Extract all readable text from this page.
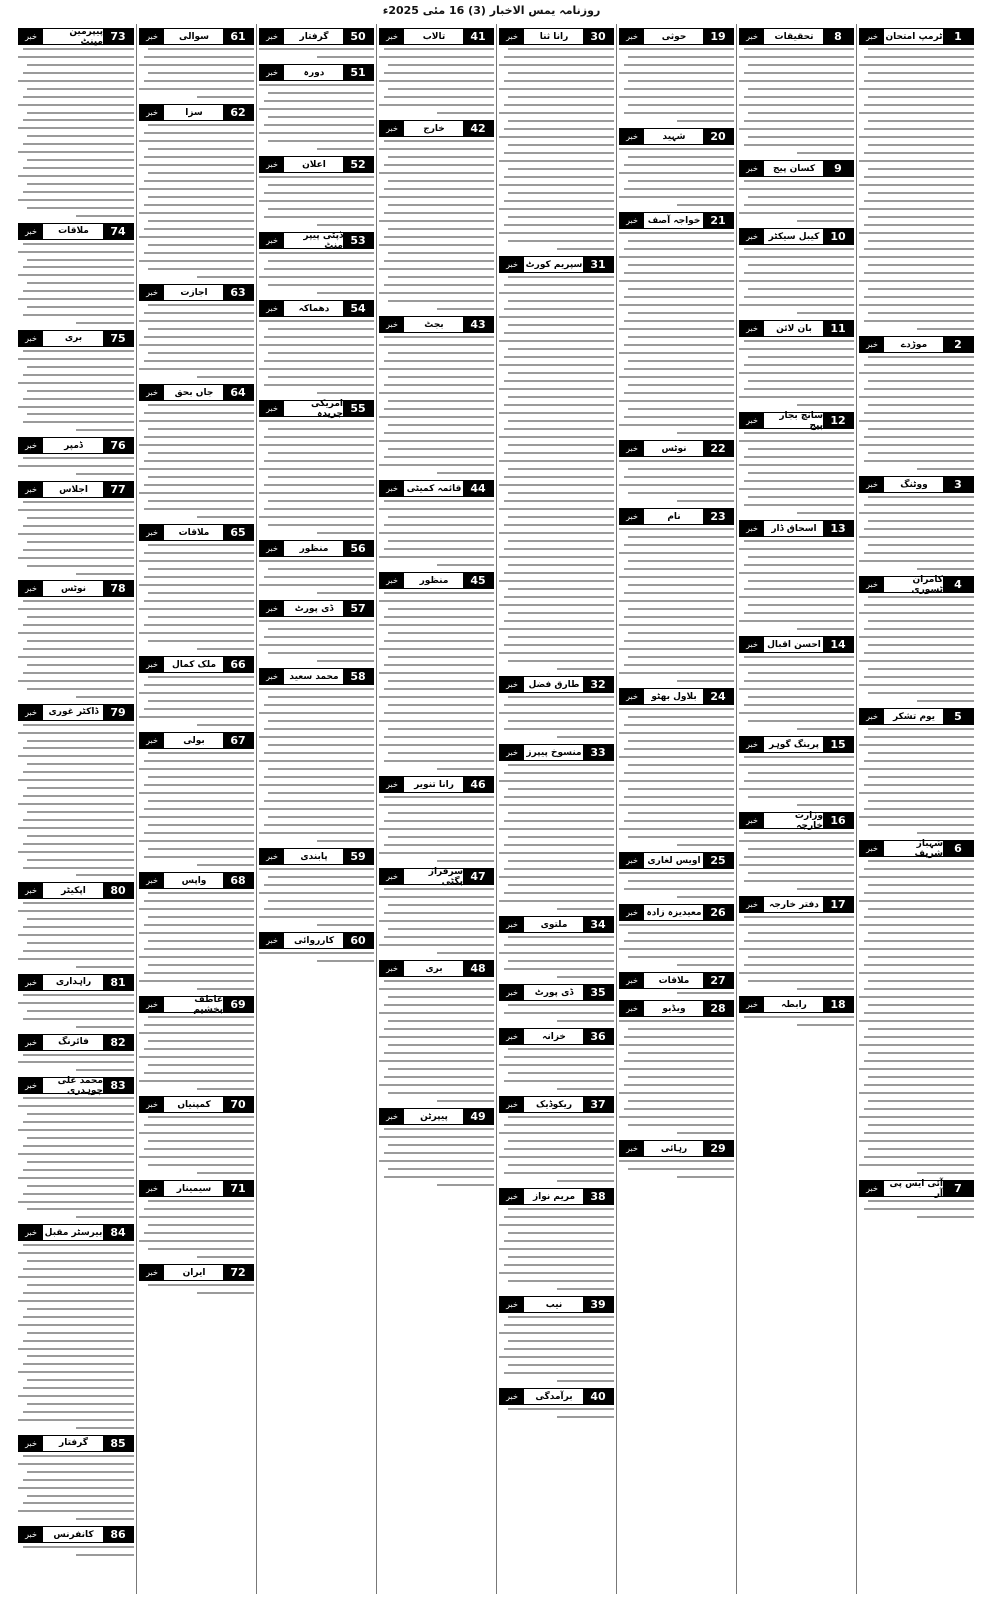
روزنامہ یمس الاخبار (3) 16 مئی 2025ء
1
ٹرمپ امتحان
خبر
2
موڑدے
خبر
3
ووٹنگ
خبر
4
کامران ٹسوری
خبر
5
یوم تشکر
خبر
6
شہباز شریف
خبر
7
آئی ایس پی آر
خبر
8
تحقیقات
خبر
9
کسان پیج
خبر
10
کیبل سیکٹر
خبر
11
بان لائن
خبر
12
سانچ بجار پیج
خبر
13
اسحاق ڈار
خبر
14
احسن اقبال
خبر
15
پرینگ گوہر
خبر
16
وزارت خارجہ
خبر
17
دفتر خارجہ
خبر
18
رابطہ
خبر
19
حوثی
خبر
20
شہید
خبر
21
خواجہ آصف
خبر
22
نوٹس
خبر
23
نام
خبر
24
بلاول بھٹو
خبر
25
اویس لغاری
خبر
26
معیدیزہ زادہ
خبر
27
ملاقات
خبر
28
ویڈیو
خبر
29
رہائی
خبر
30
رانا ثنا
خبر
31
سپریم کورٹ
خبر
32
طارق فضل
خبر
33
منسوخ پیپرز
خبر
34
ملتوی
خبر
35
ڈی پورٹ
خبر
36
خزانہ
خبر
37
ریکوڈیک
خبر
38
مریم نواز
خبر
39
نیب
خبر
40
برآمدگی
خبر
41
تالاب
خبر
42
خارج
خبر
43
بجٹ
خبر
44
قائمہ کمیٹی
خبر
45
منظور
خبر
46
رانا تنویر
خبر
47
سرفراز بگٹی
خبر
48
بری
خبر
49
پیپرٹن
خبر
50
گرفتار
خبر
51
دورہ
خبر
52
اعلان
خبر
53
ڈپٹی پیپر منٹ
خبر
54
دھماکہ
خبر
55
امریکی جریدہ
خبر
56
منظور
خبر
57
ڈی پورٹ
خبر
58
محمد سعید
خبر
59
پابندی
خبر
60
کارروائی
خبر
61
سوالی
خبر
62
سزا
خبر
63
اجازت
خبر
64
جاں بحق
خبر
65
ملاقات
خبر
66
ملک کمال
خبر
67
بولی
خبر
68
واپس
خبر
69
عاطف بخشیم
خبر
70
کمپنیاں
خبر
71
سیمینار
خبر
72
ایران
خبر
73
پیپرمین مینٹ
خبر
74
ملاقات
خبر
75
بری
خبر
76
ڈمپر
خبر
77
اجلاس
خبر
78
نوٹس
خبر
79
ڈاکٹر غوری
خبر
80
اپکیٹر
خبر
81
راہداری
خبر
82
فائرنگ
خبر
83
محمد علی چوہدری
خبر
84
بیرسٹر مقبل
خبر
85
گرفتار
خبر
86
کانفرنس
خبر
